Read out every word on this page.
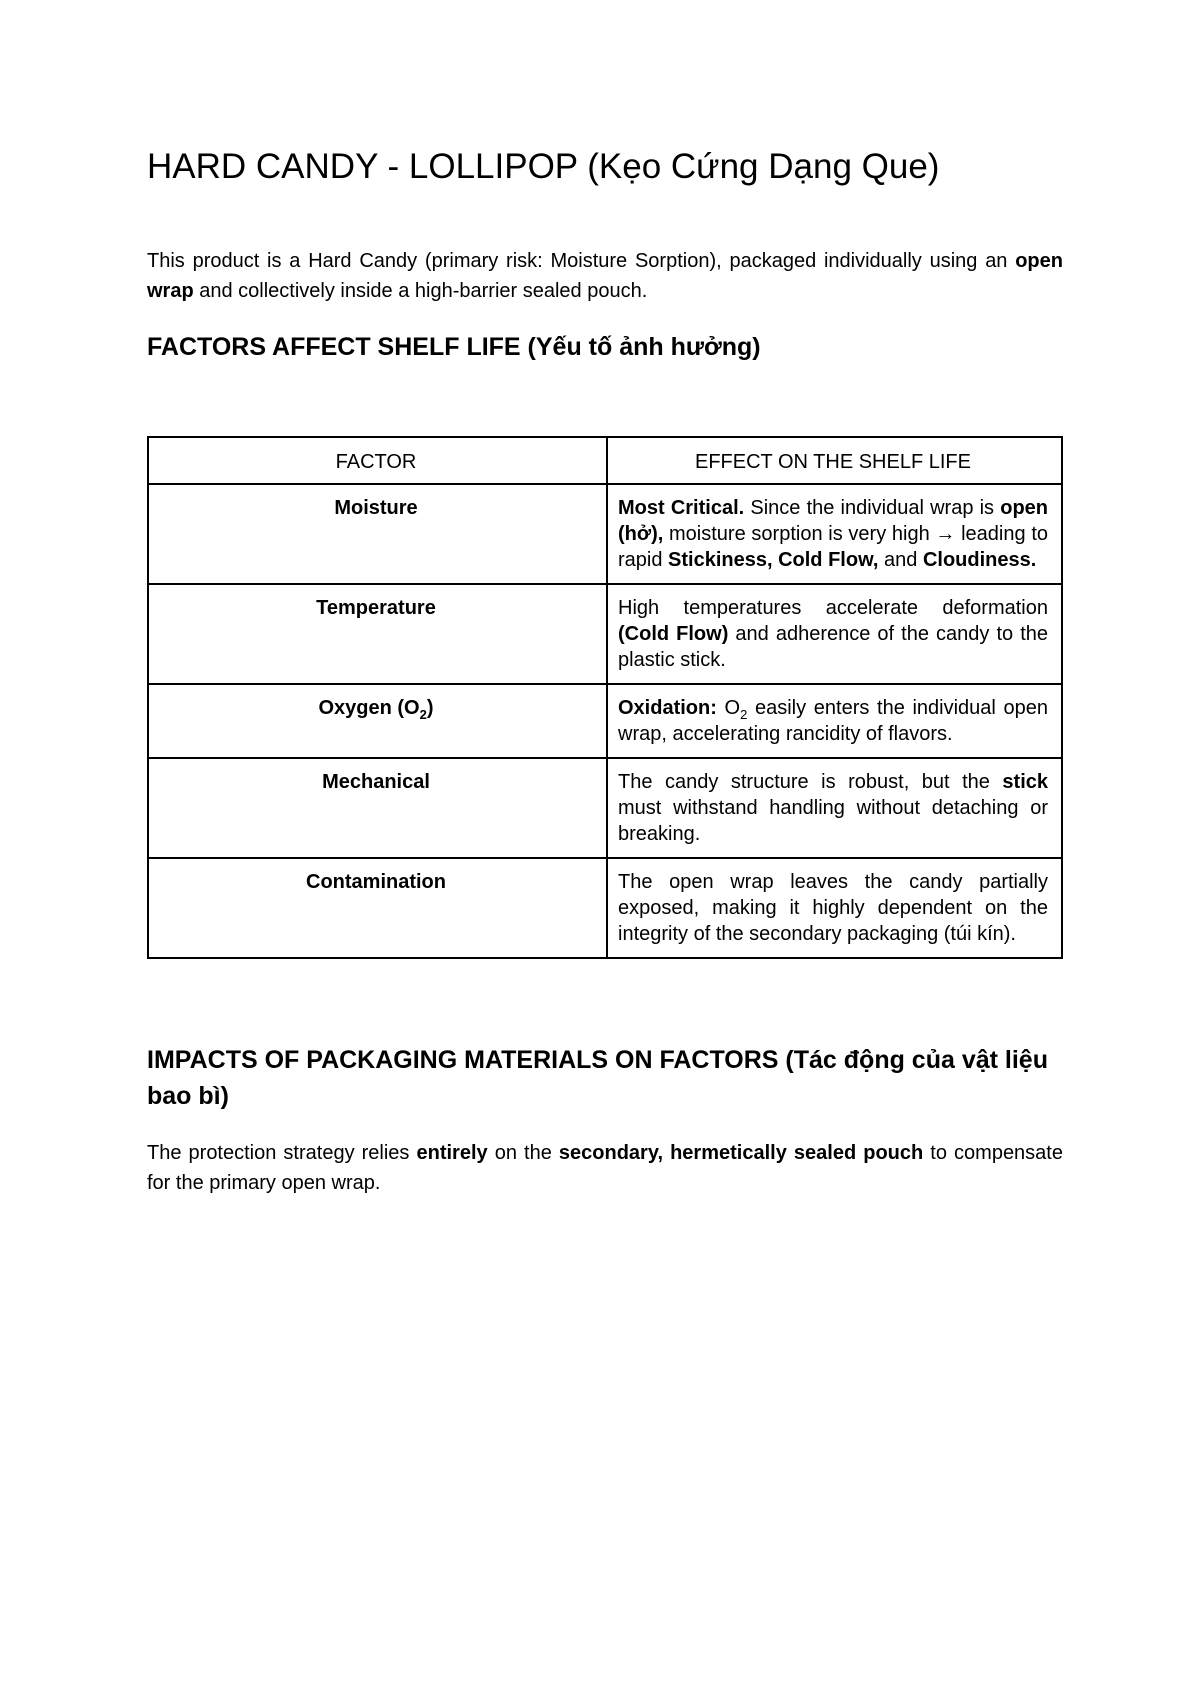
HARD CANDY - LOLLIPOP (Kẹo Cứng Dạng Que)

This product is a Hard Candy (primary risk: Moisture Sorption), packaged individually using an open wrap and collectively inside a high-barrier sealed pouch.

FACTORS AFFECT SHELF LIFE (Yếu tố ảnh hưởng)
FACTOR	EFFECT ON THE SHELF LIFE
Moisture	Most Critical. Since the individual wrap is open (hở), moisture sorption is very high → leading to rapid Stickiness, Cold Flow, and Cloudiness.
Temperature	High temperatures accelerate deformation (Cold Flow) and adherence of the candy to the plastic stick.
Oxygen $(O_2)$	Oxidation: $O_2$ easily enters the individual open wrap, accelerating rancidity of flavors.
Mechanical	The candy structure is robust, but the stick must withstand handling without detaching or breaking.
Contamination	The open wrap leaves the candy partially exposed, making it highly dependent on the integrity of the secondary packaging (túi kín).
IMPACTS OF PACKAGING MATERIALS ON FACTORS (Tác động của vật liệu bao bì)

The protection strategy relies entirely on the secondary, hermetically sealed pouch to compensate for the primary open wrap.
